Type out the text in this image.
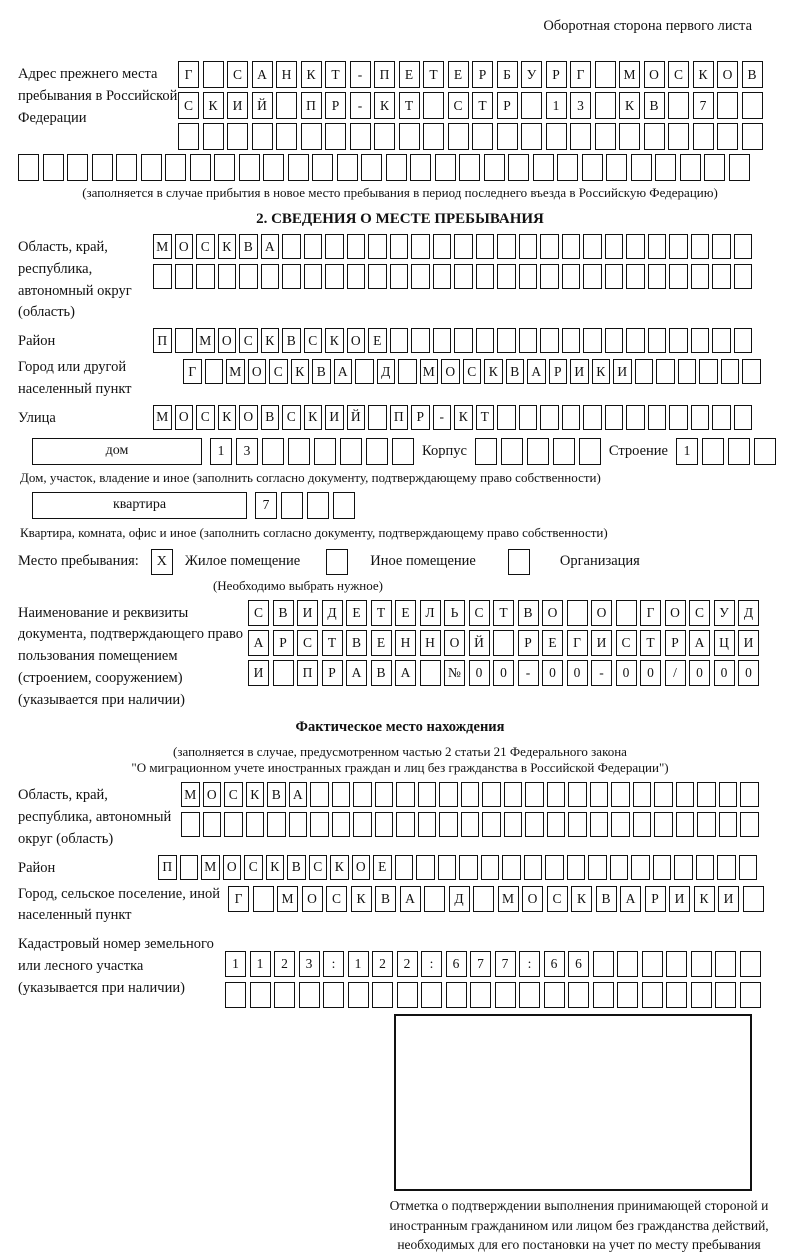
Оборотная сторона первого листа
Адрес прежнего места пребывания в Российской Федерации
Г	С	А	Н	К	Т	-	П	Е	Т	Е	Р	Б	У	Р	Г	М	О	С	К	О	В
С	К	И	Й	П	Р	-	К	Т	С	Т	Р	1	3	К	В	7
(заполняется в случае прибытия в новое место пребывания в период последнего въезда в Российскую Федерацию)
2. СВЕДЕНИЯ О МЕСТЕ ПРЕБЫВАНИЯ
Область, край, республика, автономный округ (область)
М О С К В А
Район	П	М О С К В С К О Е
Город или другой населенный пункт
Г	М О С К В А	Д	М О С К В А Р И К И
Улица	М О С К О В С К И Й	П Р	-	К Т
дом	1	3	Корпус	Строение	1
Дом, участок, владение и иное (заполнить согласно документу, подтверждающему право собственности)
квартира	7
Квартира, комната, офис и иное (заполнить согласно документу, подтверждающему право собственности)
Место пребывания:	X	Жилое помещение	Иное помещение	Организация
(Необходимо выбрать нужное)
Наименование и реквизиты документа, подтверждающего право пользования помещением (строением, сооружением) (указывается при наличии)
С	В	И	Д	Е	Т	Е	Л	Ь	С	Т	В	О	О	Г	О	С	У	Д
А	Р	С	Т	В	Е	Н	Н	О	Й	Р	Е	Г	И	С	Т	Р	А	Ц	И
И	П	Р	А	В	А	№	0	0	-	0	0	-	0	0	/	0	0	0
Фактическое место нахождения
(заполняется в случае, предусмотренном частью 2 статьи 21 Федерального закона
"О миграционном учете иностранных граждан и лиц без гражданства в Российской Федерации")
Область, край, республика, автономный округ (область)
М О С К В А
Район	П	М О С К В С К О Е
Город, сельское поселение, иной населенный пункт
Г	М	О	С	К	В	А	Д	М	О	С	К	В	А	Р	И	К	И
Кадастровый номер земельного или лесного участка (указывается при наличии)
1	1	2	3	:	1	2	2	:	6	7	7	:	6	6
Отметка о подтверждении выполнения принимающей стороной и иностранным гражданином или лицом без гражданства действий, необходимых для его постановки на учет по месту пребывания
